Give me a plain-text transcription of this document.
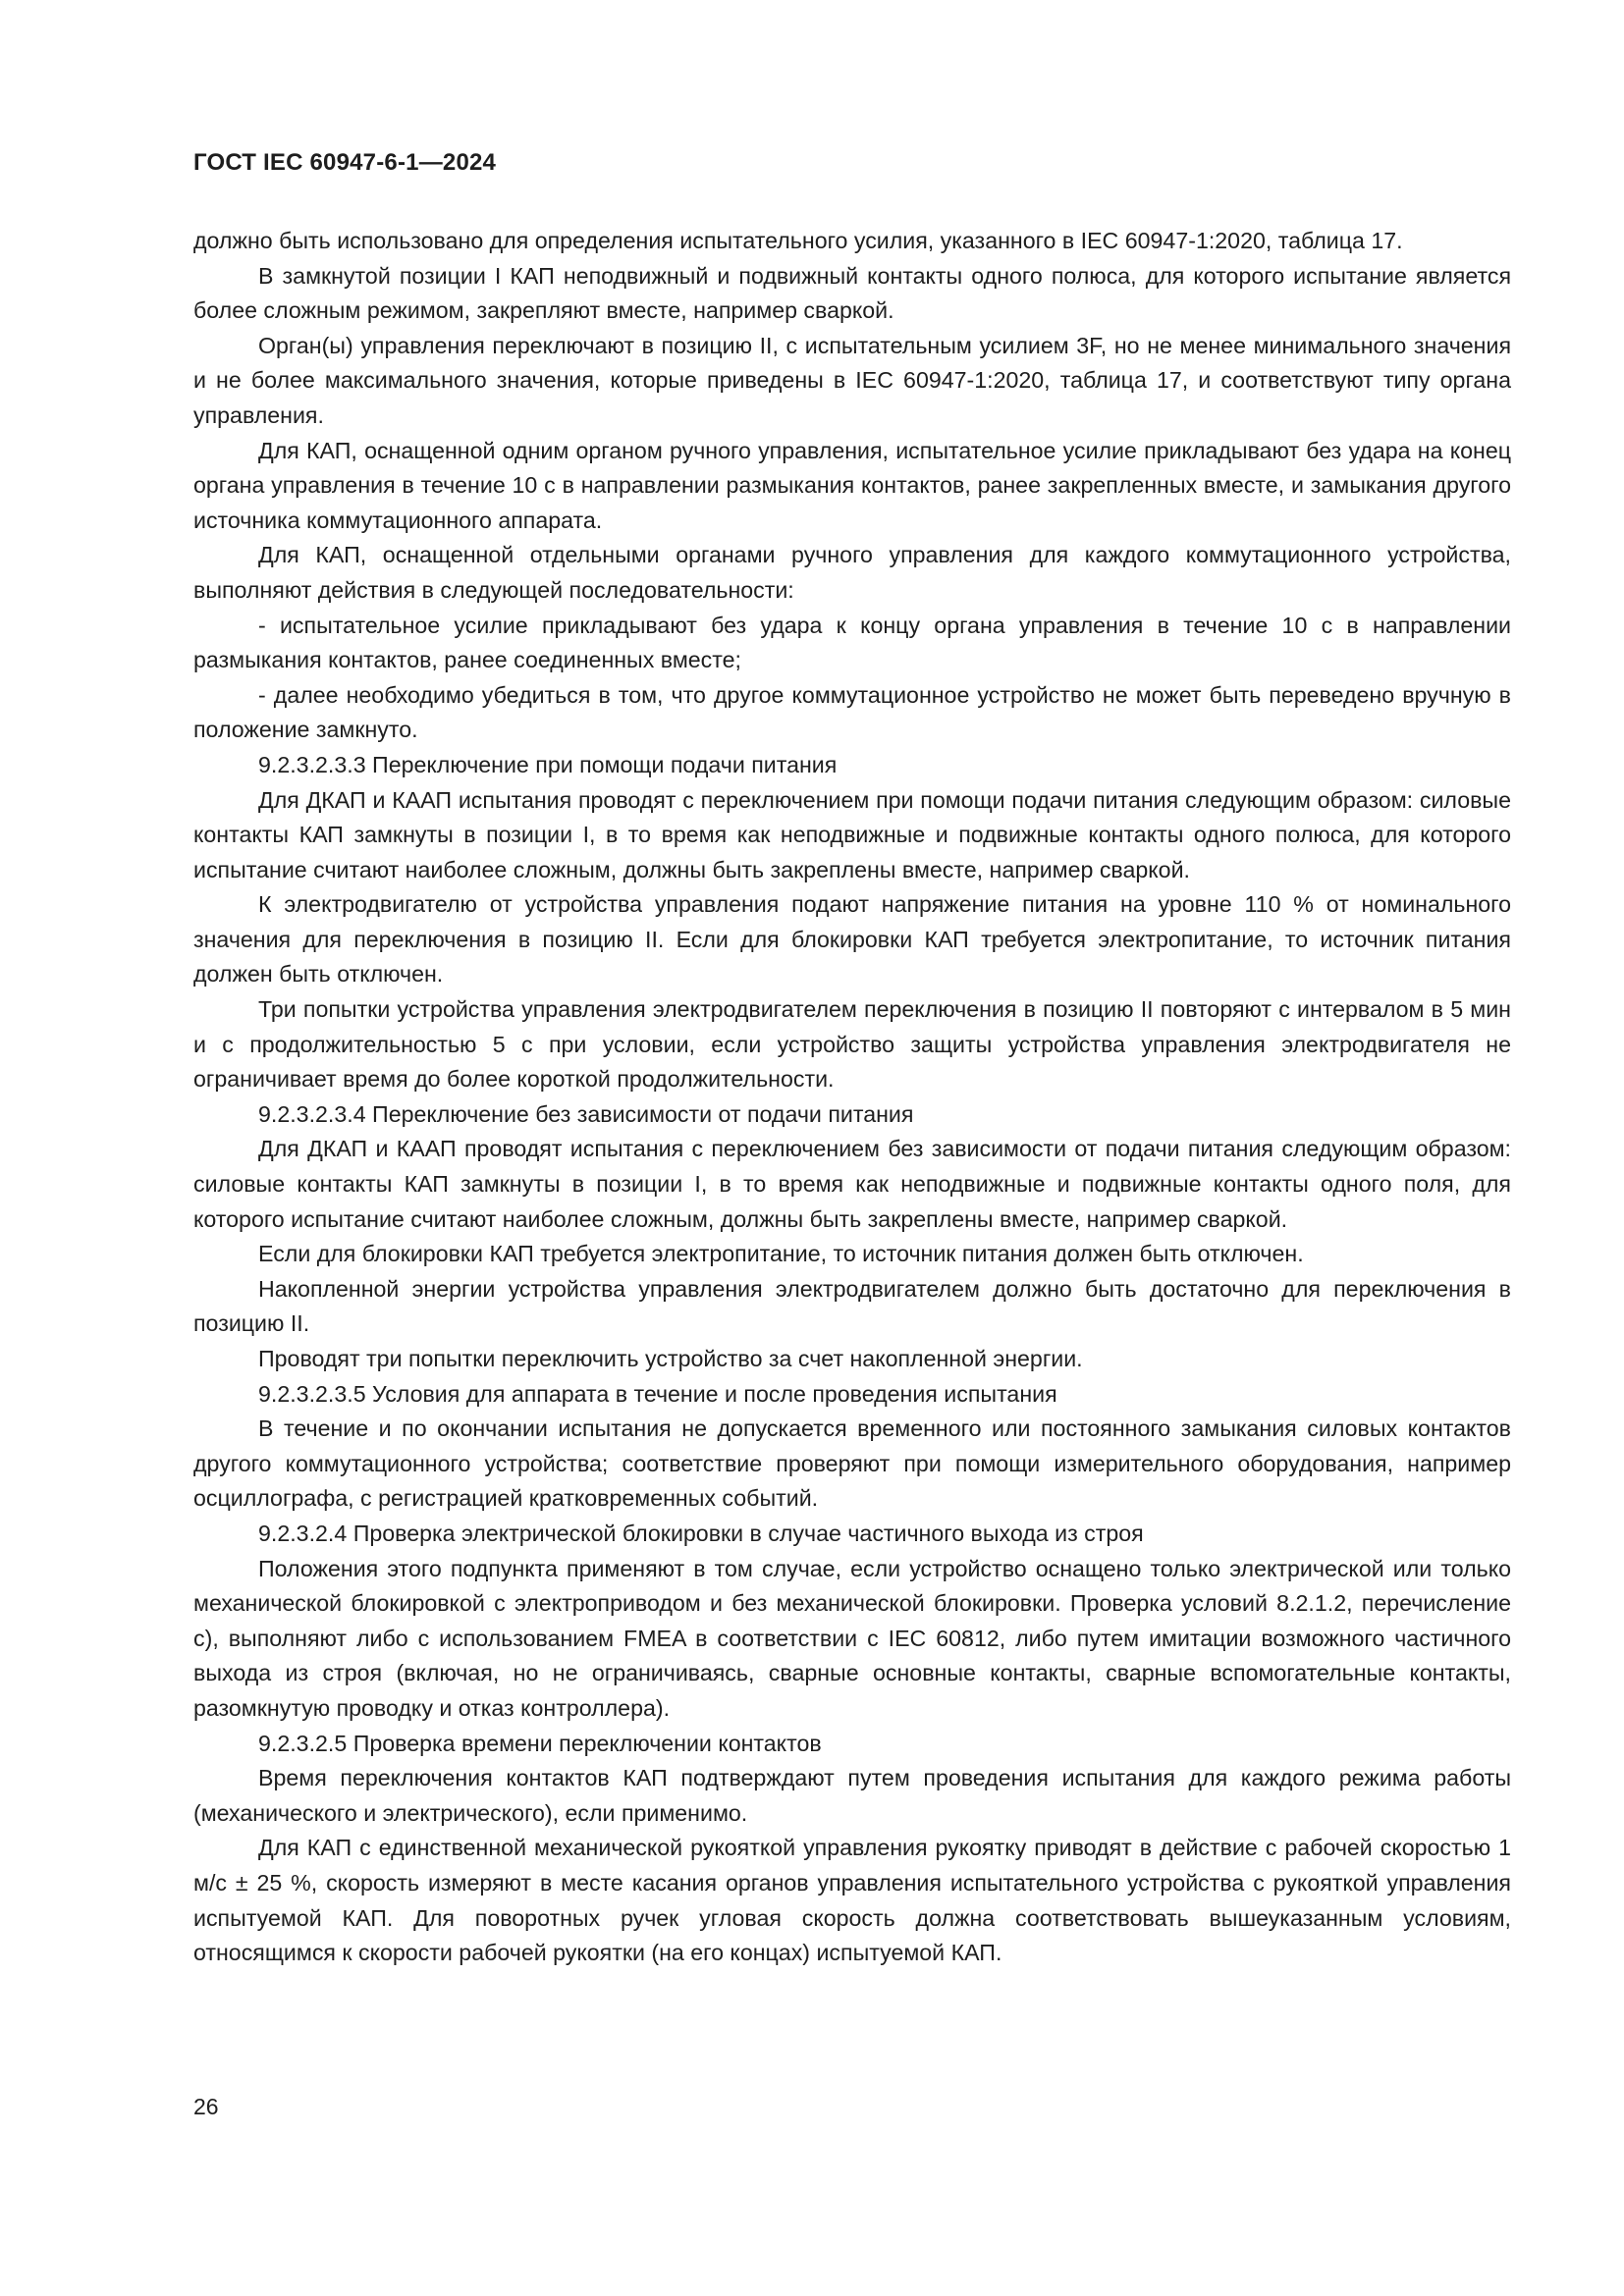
ГОСТ IEC 60947-6-1—2024

должно быть использовано для определения испытательного усилия, указанного в IEC 60947-1:2020, таблица 17.

В замкнутой позиции I КАП неподвижный и подвижный контакты одного полюса, для которого испытание является более сложным режимом, закрепляют вместе, например сваркой.

Орган(ы) управления переключают в позицию II, с испытательным усилием 3F, но не менее минимального значения и не более максимального значения, которые приведены в IEC 60947-1:2020, таблица 17, и соответствуют типу органа управления.

Для КАП, оснащенной одним органом ручного управления, испытательное усилие прикладывают без удара на конец органа управления в течение 10 с в направлении размыкания контактов, ранее закрепленных вместе, и замыкания другого источника коммутационного аппарата.

Для КАП, оснащенной отдельными органами ручного управления для каждого коммутационного устройства, выполняют действия в следующей последовательности:

- испытательное усилие прикладывают без удара к концу органа управления в течение 10 с в направлении размыкания контактов, ранее соединенных вместе;

- далее необходимо убедиться в том, что другое коммутационное устройство не может быть переведено вручную в положение замкнуто.

9.2.3.2.3.3 Переключение при помощи подачи питания

Для ДКАП и КААП испытания проводят с переключением при помощи подачи питания следующим образом: силовые контакты КАП замкнуты в позиции I, в то время как неподвижные и подвижные контакты одного полюса, для которого испытание считают наиболее сложным, должны быть закреплены вместе, например сваркой.

К электродвигателю от устройства управления подают напряжение питания на уровне 110 % от номинального значения для переключения в позицию II. Если для блокировки КАП требуется электропитание, то источник питания должен быть отключен.

Три попытки устройства управления электродвигателем переключения в позицию II повторяют с интервалом в 5 мин и с продолжительностью 5 с при условии, если устройство защиты устройства управления электродвигателя не ограничивает время до более короткой продолжительности.

9.2.3.2.3.4 Переключение без зависимости от подачи питания

Для ДКАП и КААП проводят испытания с переключением без зависимости от подачи питания следующим образом: силовые контакты КАП замкнуты в позиции I, в то время как неподвижные и подвижные контакты одного поля, для которого испытание считают наиболее сложным, должны быть закреплены вместе, например сваркой.

Если для блокировки КАП требуется электропитание, то источник питания должен быть отключен.

Накопленной энергии устройства управления электродвигателем должно быть достаточно для переключения в позицию II.

Проводят три попытки переключить устройство за счет накопленной энергии.

9.2.3.2.3.5 Условия для аппарата в течение и после проведения испытания

В течение и по окончании испытания не допускается временного или постоянного замыкания силовых контактов другого коммутационного устройства; соответствие проверяют при помощи измерительного оборудования, например осциллографа, с регистрацией кратковременных событий.

9.2.3.2.4 Проверка электрической блокировки в случае частичного выхода из строя

Положения этого подпункта применяют в том случае, если устройство оснащено только электрической или только механической блокировкой с электроприводом и без механической блокировки. Проверка условий 8.2.1.2, перечисление с), выполняют либо с использованием FMEA в соответствии с IEC 60812, либо путем имитации возможного частичного выхода из строя (включая, но не ограничиваясь, сварные основные контакты, сварные вспомогательные контакты, разомкнутую проводку и отказ контроллера).

9.2.3.2.5 Проверка времени переключении контактов

Время переключения контактов КАП подтверждают путем проведения испытания для каждого режима работы (механического и электрического), если применимо.

Для КАП с единственной механической рукояткой управления рукоятку приводят в действие с рабочей скоростью 1 м/с ± 25 %, скорость измеряют в месте касания органов управления испытательного устройства с рукояткой управления испытуемой КАП. Для поворотных ручек угловая скорость должна соответствовать вышеуказанным условиям, относящимся к скорости рабочей рукоятки (на его концах) испытуемой КАП.

26
